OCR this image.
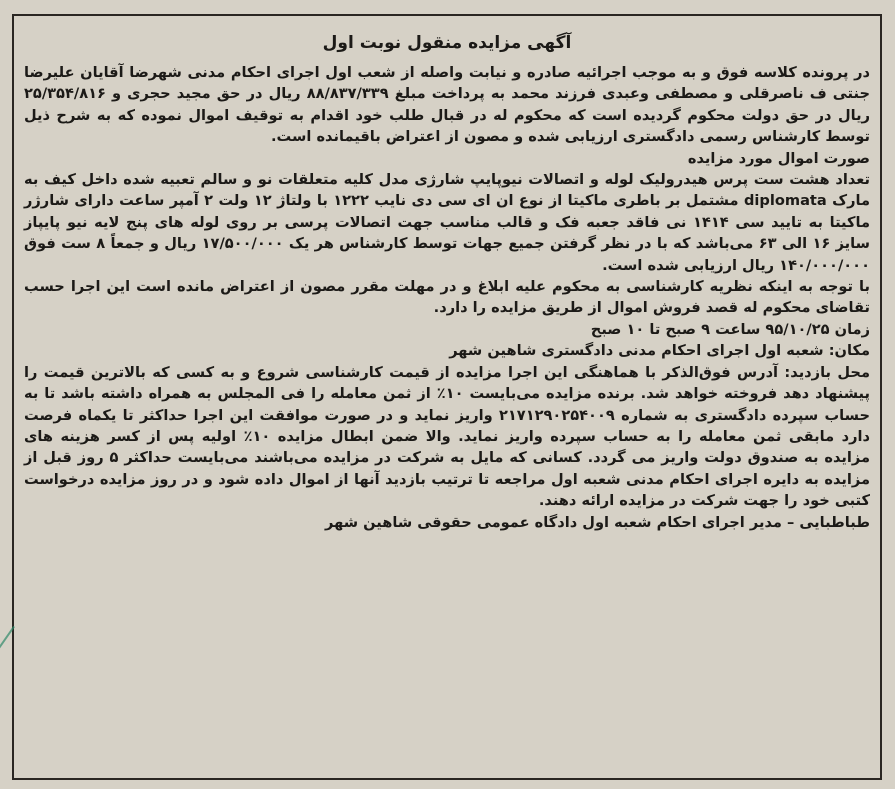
آگهی مزایده منقول نوبت اول

در پرونده کلاسه فوق و به موجب اجرائیه صادره و نیابت واصله از شعب اول اجرای احکام مدنی شهرضا آقایان علیرضا جنتی ف ناصرقلی و مصطفی وعبدی فرزند محمد به پرداخت مبلغ ۸۸/۸۳۷/۳۳۹ ریال در حق مجید حجری و ۲۵/۳۵۴/۸۱۶ ریال در حق دولت محکوم گردیده است که محکوم له در قبال طلب خود اقدام به توقیف اموال نموده که به شرح ذیل توسط کارشناس رسمی دادگستری ارزیابی شده و مصون از اعتراض باقیمانده است.

صورت اموال مورد مزایده

تعداد هشت ست پرس هیدرولیک لوله و اتصالات نیوپایپ شارژی مدل کلیه متعلقات نو و سالم تعبیه شده داخل کیف به مارک diplomata مشتمل بر باطری ماکیتا از نوع ان ای سی دی نایب ۱۲۲۲ با ولتاژ ۱۲ ولت ۲ آمپر ساعت دارای شارژر ماکیتا به تایید سی ۱۴۱۴ نی فاقد جعبه فک و قالب مناسب جهت اتصالات پرسی بر روی لوله های پنج لایه نیو پایپاز سایز ۱۶ الی ۶۳ می‌باشد که با در نظر گرفتن جمیع جهات توسط کارشناس هر یک ۱۷/۵۰۰/۰۰۰ ریال و جمعاً ۸ ست فوق ۱۴۰/۰۰۰/۰۰۰ ریال ارزیابی شده است.

با توجه به اینکه نظریه کارشناسی به محکوم علیه ابلاغ و در مهلت مقرر مصون از اعتراض مانده است این اجرا حسب تقاضای محکوم له قصد فروش اموال از طریق مزایده را دارد.

زمان ۹۵/۱۰/۲۵ ساعت ۹ صبح تا ۱۰ صبح

مکان: شعبه اول اجرای احکام مدنی دادگستری شاهین شهر

محل بازدید: آدرس فوق‌الذکر با هماهنگی این اجرا مزایده از قیمت کارشناسی شروع و به کسی که بالاترین قیمت را پیشنهاد دهد فروخته خواهد شد. برنده مزایده می‌بایست ۱۰٪ از ثمن معامله را فی المجلس به همراه داشته باشد تا به حساب سپرده دادگستری به شماره ۲۱۷۱۲۹۰۲۵۴۰۰۹ واریز نماید و در صورت موافقت این اجرا حداکثر تا یکماه فرصت دارد مابقی ثمن معامله را به حساب سپرده واریز نماید. والا ضمن ابطال مزایده ۱۰٪ اولیه پس از کسر هزینه های مزایده به صندوق دولت واریز می گردد. کسانی که مایل به شرکت در مزایده می‌باشند می‌بایست حداکثر ۵ روز قبل از مزایده به دایره اجرای احکام مدنی شعبه اول مراجعه تا ترتیب بازدید آنها از اموال داده شود و در روز مزایده درخواست کتبی خود را جهت شرکت در مزایده ارائه دهند.

طباطبایی – مدیر اجرای احکام شعبه اول دادگاه عمومی حقوقی شاهین شهر
